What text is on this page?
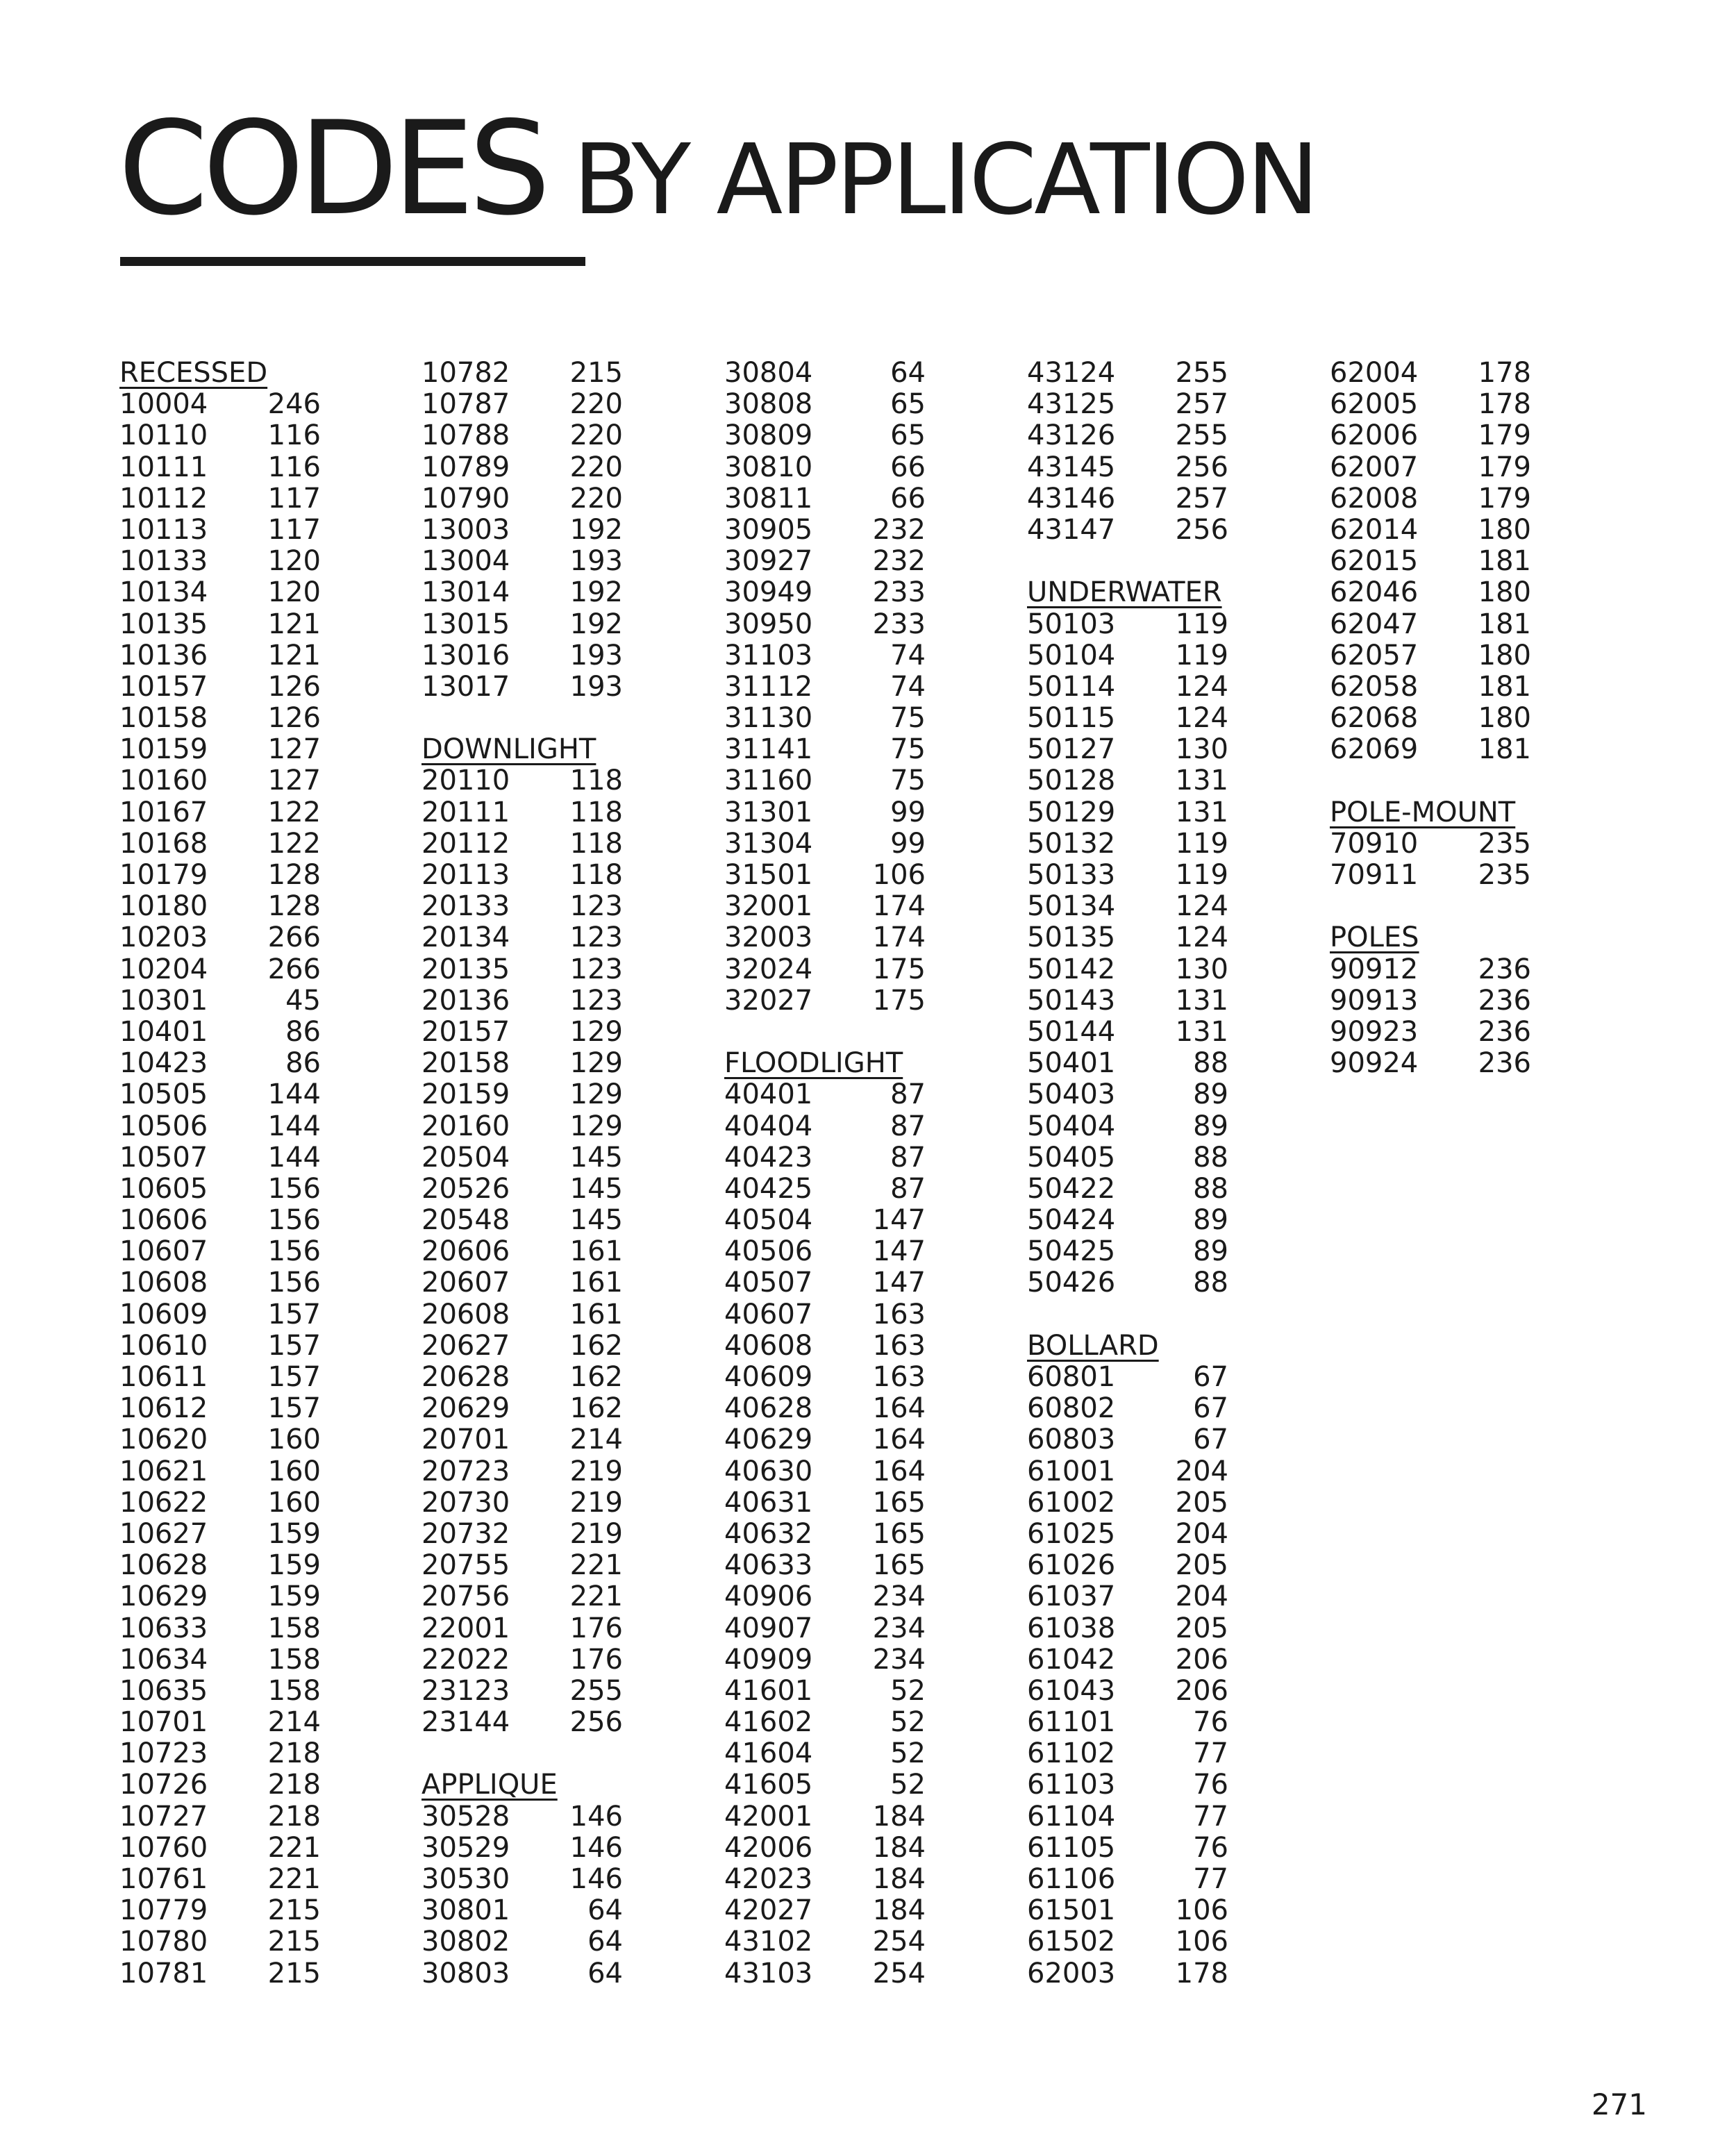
CODES BY APPLICATION
RECESSED
10004 246
10110 116
10111 116
10112 117
10113 117
10133 120
10134 120
10135 121
10136 121
10157 126
10158 126
10159 127
10160 127
10167 122
10168 122
10179 128
10180 128
10203 266
10204 266
10301	45
10401	86
10423	86
10505 144
10506 144
10507 144
10605 156
10606 156
10607 156
10608 156
10609 157
10610 157
10611 157
10612 157
10620 160
10621 160
10622 160
10627 159
10628 159
10629 159
10633 158
10634 158
10635 158
10701 214
10723 218
10726 218
10727 218
10760 221
10761 221
10779 215
10780 215
10781 215
10782 215
10787 220
10788 220
10789 220
10790 220
13003 192
13004 193
13014 192
13015 192
13016 193
13017 193
DOWNLIGHT
20110 118
20111 118
20112 118
20113 118
20133 123
20134 123
20135 123
20136 123
20157 129
20158 129
20159 129
20160 129
20504 145
20526 145
20548 145
20606 161
20607 161
20608 161
20627 162
20628 162
20629 162
20701 214
20723 219
20730 219
20732 219
20755 221
20756 221
22001 176
22022 176
23123 255
23144 256
APPLIQUE
30528 146
30529 146
30530 146
30801	64
30802	64
30803	64
30804	64
30808	65
30809	65
30810	66
30811	66
30905 232
30927 232
30949 233
30950 233
31103	74
31112	74
31130	75
31141	75
31160	75
31301	99
31304	99
31501 106
32001 174
32003 174
32024 175
32027 175
FLOODLIGHT
40401	87
40404	87
40423	87
40425	87
40504 147
40506 147
40507 147
40607 163
40608 163
40609 163
40628 164
40629 164
40630 164
40631 165
40632 165
40633 165
40906 234
40907 234
40909 234
41601	52
41602	52
41604	52
41605	52
42001 184
42006 184
42023 184
42027 184
43102 254
43103 254
43124 255
43125 257
43126 255
43145 256
43146 257
43147 256
UNDERWATER
50103 119
50104 119
50114 124
50115 124
50127 130
50128 131
50129 131
50132 119
50133 119
50134 124
50135 124
50142 130
50143 131
50144 131
50401	88
50403	89
50404	89
50405	88
50422	88
50424	89
50425	89
50426	88
BOLLARD
60801	67
60802	67
60803	67
61001 204
61002 205
61025 204
61026 205
61037 204
61038 205
61042 206
61043 206
61101	76
61102	77
61103	76
61104	77
61105	76
61106	77
61501 106
61502 106
62003 178
62004 178
62005 178
62006 179
62007 179
62008 179
62014 180
62015 181
62046 180
62047 181
62057 180
62058 181
62068 180
62069 181
POLE-MOUNT
70910 235
70911 235
POLES
90912 236
90913 236
90923 236
90924 236
271
